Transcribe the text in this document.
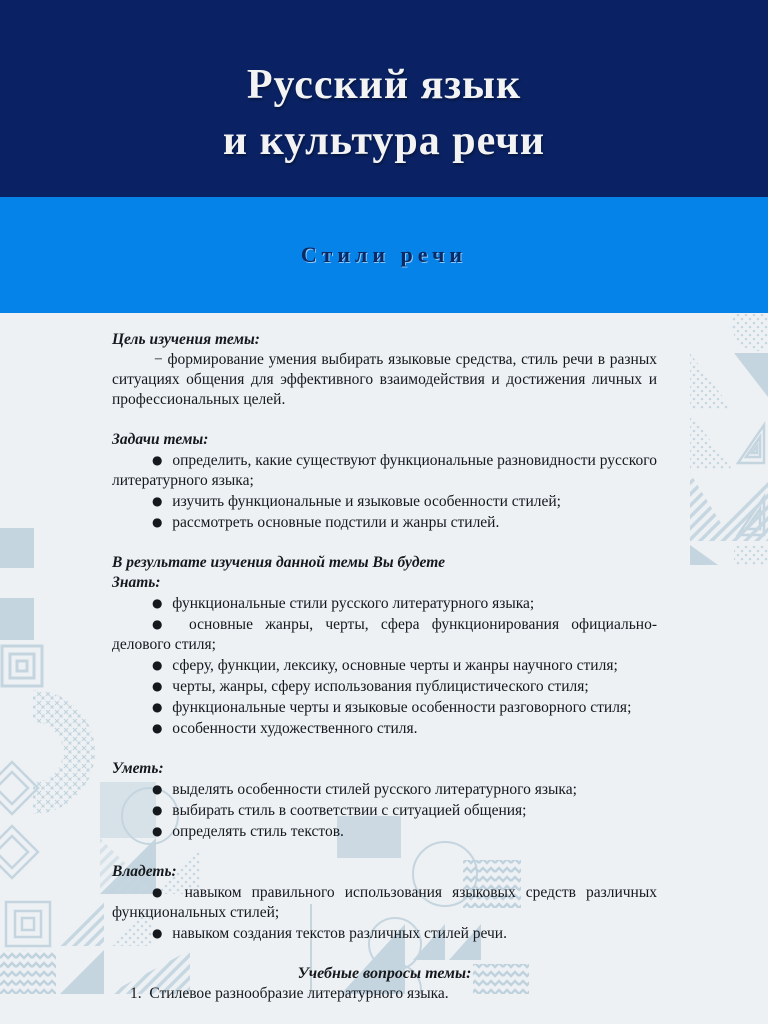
Русский язык
и культура речи
Стили речи

Цель изучения темы:

− формирование умения выбирать языковые средства, стиль речи в разных ситуациях общения для эффективного взаимодействия и достижения личных и профессиональных целей.

Задачи темы:

●  определить, какие существуют функциональные разновидности русского литературного языка;

●  изучить функциональные и языковые особенности стилей;

●  рассмотреть основные подстили и жанры стилей.

В результате изучения данной темы Вы будете

Знать:

●  функциональные стили русского литературного языка;

●  основные жанры, черты, сфера функционирования официально-делового стиля;

●  сферу, функции, лексику, основные черты и жанры научного стиля;

●  черты, жанры, сферу использования публицистического стиля;

●  функциональные черты и языковые особенности разговорного стиля;

●  особенности художественного стиля.

Уметь:

●  выделять особенности стилей русского литературного языка;

●  выбирать стиль в соответствии с ситуацией общения;

●  определять стиль текстов.

Владеть:

●  навыком правильного использования языковых средств различных функциональных стилей;

●  навыком создания текстов различных стилей речи.

Учебные вопросы темы:

1. Стилевое разнообразие литературного языка.
